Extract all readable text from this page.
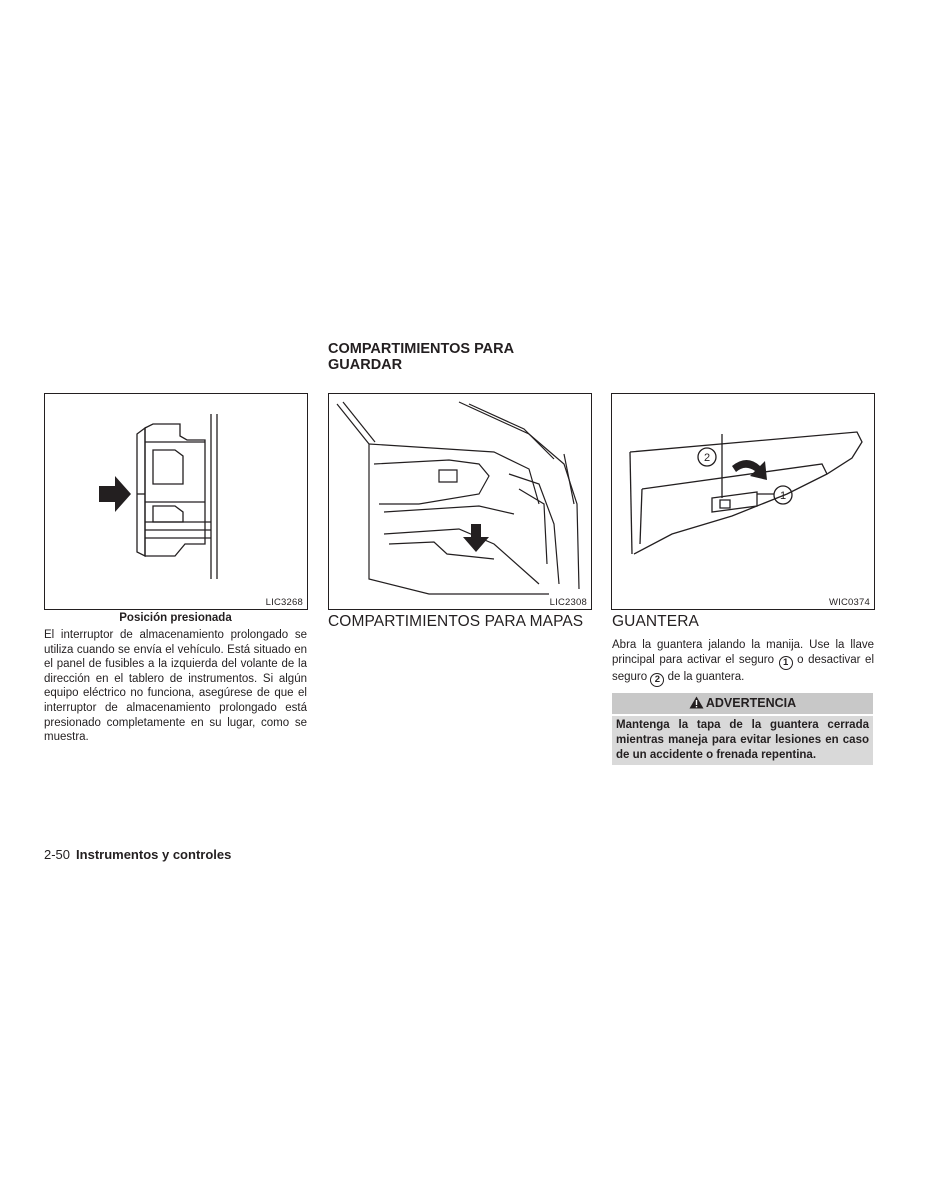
COMPARTIMIENTOS PARA GUARDAR
LIC3268	LIC2308
2
1
WIC0374
Posición presionada
El interruptor de almacenamiento prolongado se utiliza cuando se envía el vehículo. Está situado en el panel de fusibles a la izquierda del volante de la dirección en el tablero de instrumentos. Si algún equipo eléctrico no funciona, asegúrese de que el interruptor de almacenamiento prolongado está presionado completamente en su lugar, como se muestra.
COMPARTIMIENTOS PARA MAPAS GUANTERA
Abra la guantera jalando la manija. Use la llave principal para activar el seguro 1 o desactivar el seguro 2 de la guantera.
ADVERTENCIA
Mantenga la tapa de la guantera cerrada mientras maneja para evitar lesiones en caso de un accidente o frenada repentina.
2-50 Instrumentos y controles
